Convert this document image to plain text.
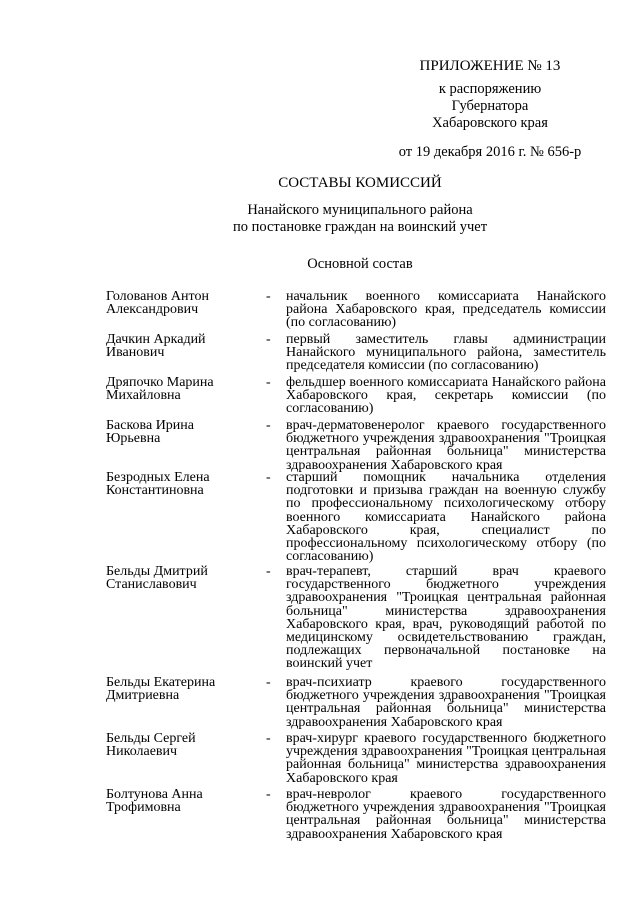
ПРИЛОЖЕНИЕ № 13
к распоряжению
Губернатора
Хабаровского края
от 19 декабря 2016 г. № 656-р
СОСТАВЫ КОМИССИЙ
Нанайского муниципального района
по постановке граждан на воинский учет
Основной состав
Голованов Антон
Александрович
-	начальник военного комиссариата Нанайского района Хабаровского края, председатель комиссии (по согласованию)
Дачкин Аркадий
Иванович
-	первый заместитель главы администрации Нанайского муниципального района, заместитель председателя комиссии (по согласованию)
Дряпочко Марина
Михайловна
-	фельдшер военного комиссариата Нанайского района Хабаровского края, секретарь комиссии (по согласованию)
Баскова Ирина
Юрьевна
-	врач-дерматовенеролог краевого государственного бюджетного учреждения здравоохранения "Троицкая центральная районная больница" министерства здравоохранения Хабаровского края
Безродных Елена
Константиновна
-	старший помощник начальника отделения подготовки и призыва граждан на военную службу по профессиональному психологическому отбору военного комиссариата Нанайского района Хабаровского края, специалист по профессиональному психологическому отбору (по согласованию)
Бельды Дмитрий
Станиславович
-	врач-терапевт, старший врач краевого государственного бюджетного учреждения здравоохранения "Троицкая центральная районная больница" министерства здравоохранения Хабаровского края, врач, руководящий работой по медицинскому освидетельствованию граждан, подлежащих первоначальной постановке на воинский учет
Бельды Екатерина
Дмитриевна
-	врач-психиатр краевого государственного бюджетного учреждения здравоохранения "Троицкая центральная районная больница" министерства здравоохранения Хабаровского края
Бельды Сергей
Николаевич
-	врач-хирург краевого государственного бюджетного учреждения здравоохранения "Троицкая центральная районная больница" министерства здравоохранения Хабаровского края
Болтунова Анна
Трофимовна
-	врач-невролог краевого государственного бюджетного учреждения здравоохранения "Троицкая центральная районная больница" министерства здравоохранения Хабаровского края
